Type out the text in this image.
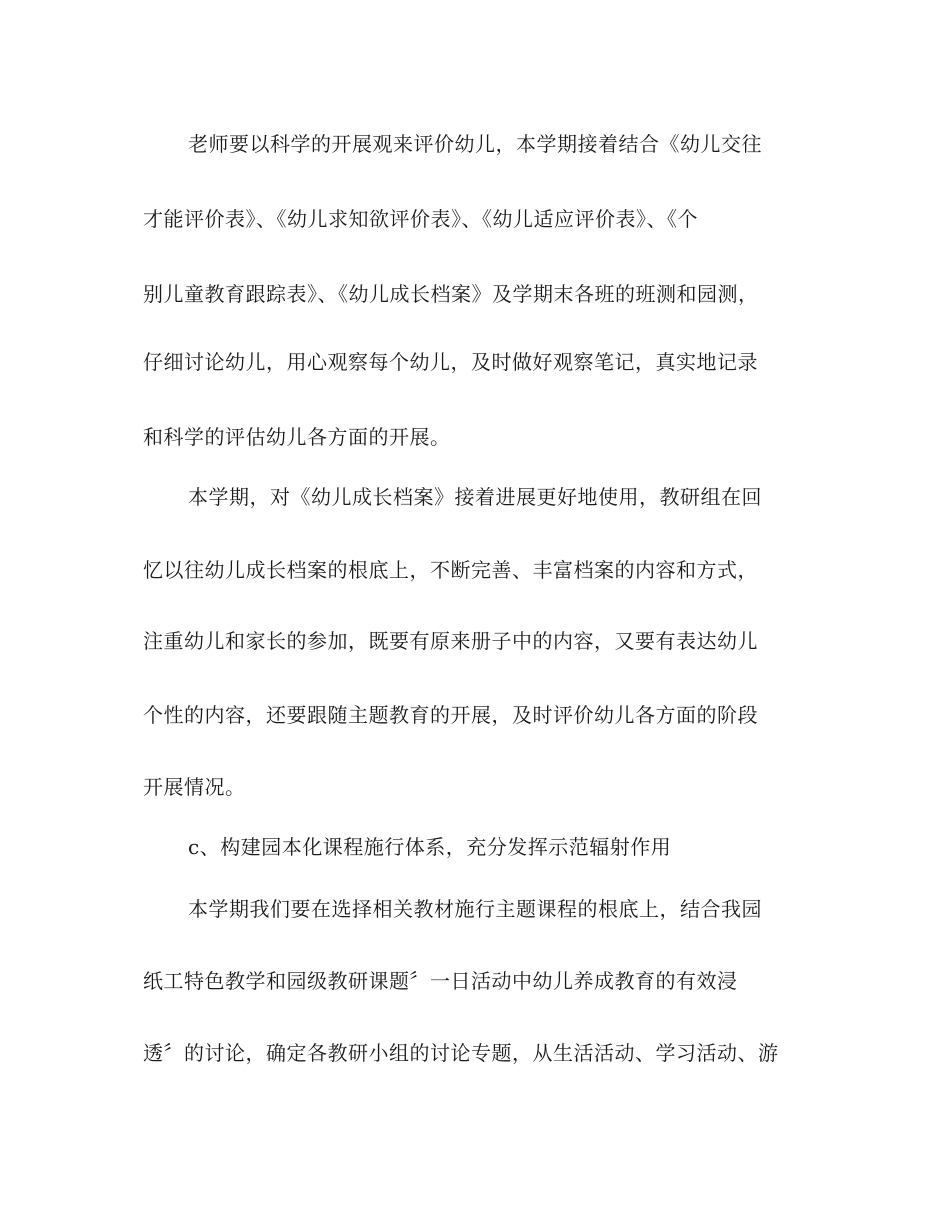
老师要以科学的开展观来评价幼儿，本学期接着结合《幼儿交往
才能评价表》、《幼儿求知欲评价表》、《幼儿适应评价表》、《个
别儿童教育跟踪表》、《幼儿成长档案》及学期末各班的班测和园测，
仔细讨论幼儿，用心观察每个幼儿，及时做好观察笔记，真实地记录
和科学的评估幼儿各方面的开展。
本学期，对《幼儿成长档案》接着进展更好地使用，教研组在回
忆以往幼儿成长档案的根底上，不断完善、丰富档案的内容和方式，
注重幼儿和家长的参加，既要有原来册子中的内容，又要有表达幼儿
个性的内容，还要跟随主题教育的开展，及时评价幼儿各方面的阶段
开展情况。
c、构建园本化课程施行体系，充分发挥示范辐射作用
本学期我们要在选择相关教材施行主题课程的根底上，结合我园
纸工特色教学和园级教研课题〞一日活动中幼儿养成教育的有效浸
透〞的讨论，确定各教研小组的讨论专题，从生活活动、学习活动、游
